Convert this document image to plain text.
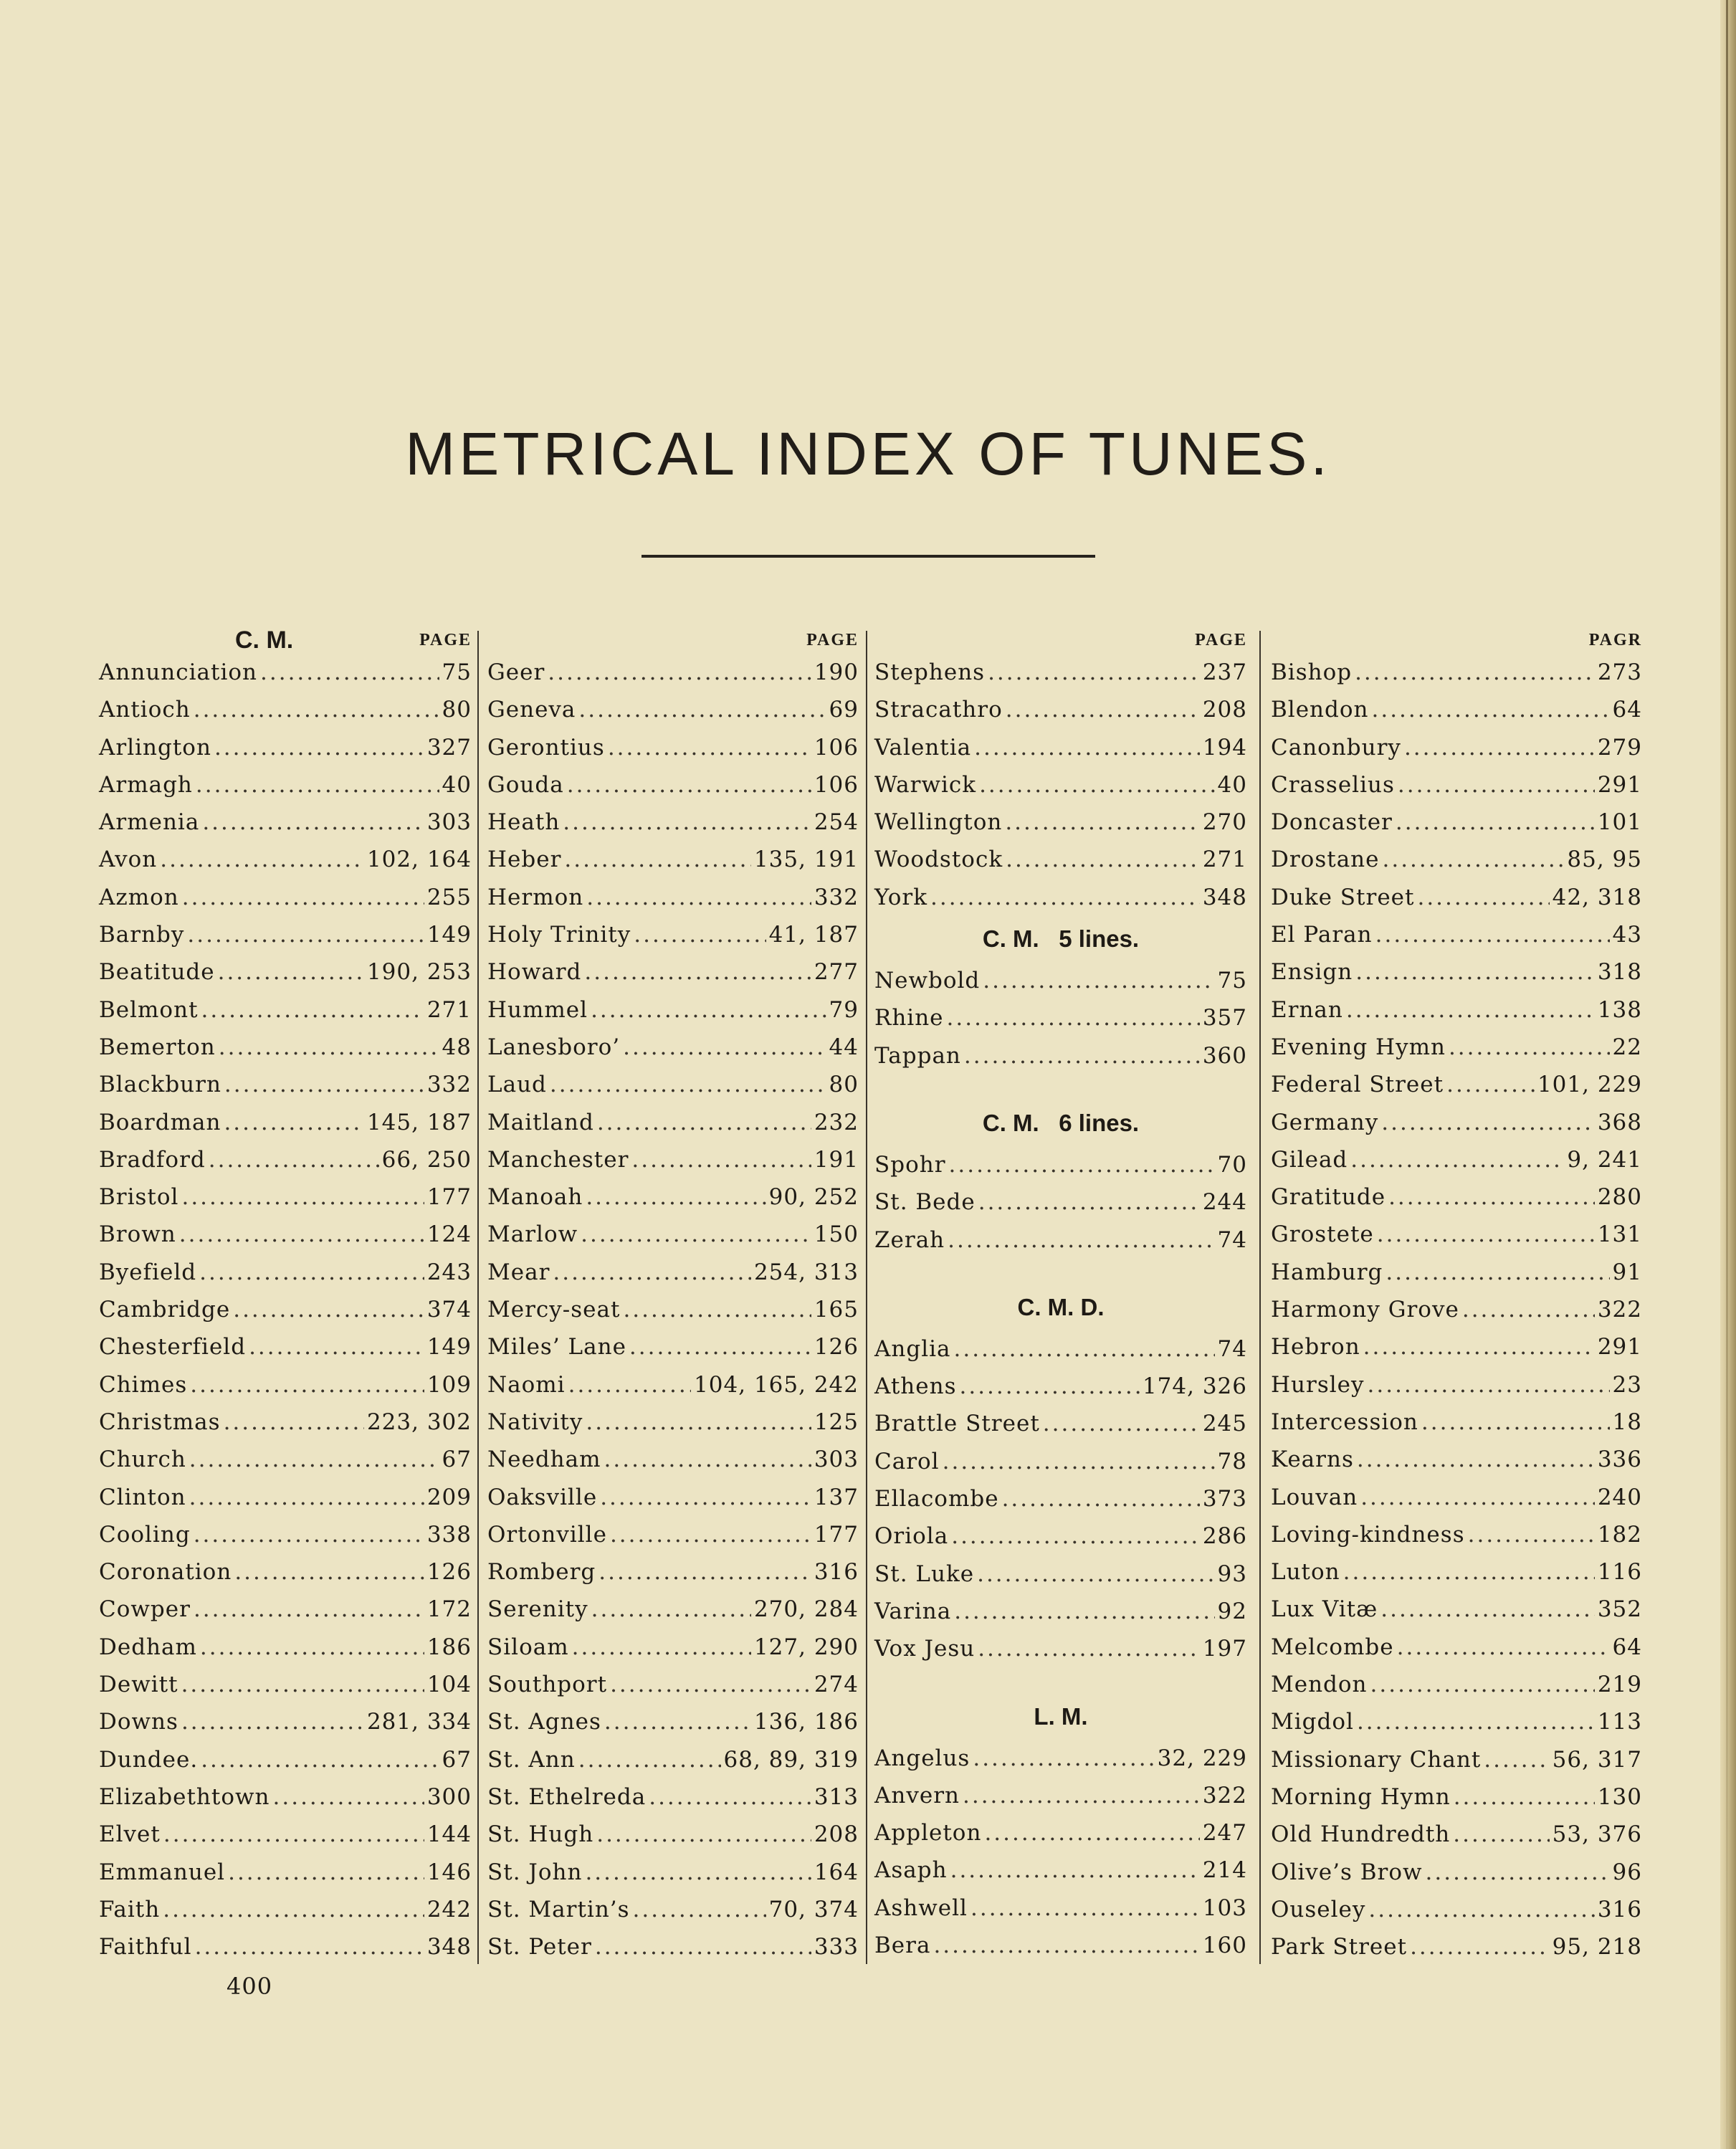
METRICAL INDEX OF TUNES.
C. M.	PAGE
Annunciation .....	75
Antioch .....	80
Arlington .....	327
Armagh .....	40
Armenia .....	303
Avon .....	102, 164
Azmon .....	255
Barnby .....	149
Beatitude .....	190, 253
Belmont .....	271
Bemerton .....	48
Blackburn .....	332
Boardman .....	145, 187
Bradford .....	66, 250
Bristol .....	177
Brown .....	124
Byefield .....	243
Cambridge .....	374
Chesterfield .....	149
Chimes .....	109
Christmas .....	223, 302
Church .....	67
Clinton .....	209
Cooling .....	338
Coronation .....	126
Cowper .....	172
Dedham .....	186
Dewitt .....	104
Downs .....	281, 334
Dundee. .....	67
Elizabethtown .....	300
Elvet .....	144
Emmanuel .....	146
Faith .....	242
Faithful .....	348
PAGE
Geer .....	190
Geneva .....	69
Gerontius .....	106
Gouda .....	106
Heath .....	254
Heber .....	135, 191
Hermon .....	332
Holy Trinity .....	41, 187
Howard .....	277
Hummel .....	79
Lanesboro’ .....	44
Laud .....	80
Maitland .....	232
Manchester .....	191
Manoah .....	90, 252
Marlow .....	150
Mear .....	254, 313
Mercy-seat .....	165
Miles’ Lane .....	126
Naomi .....	104, 165, 242
Nativity .....	125
Needham .....	303
Oaksville .....	137
Ortonville .....	177
Romberg .....	316
Serenity .....	270, 284
Siloam .....	127, 290
Southport .....	274
St. Agnes .....	136, 186
St. Ann .....	68, 89, 319
St. Ethelreda .....	313
St. Hugh .....	208
St. John .....	164
St. Martin’s .....	70, 374
St. Peter .....	333
PAGE
Stephens .....	237
Stracathro .....	208
Valentia .....	194
Warwick .....	40
Wellington .....	270
Woodstock .....	271
York .....	348
C. M.   5 lines.
Newbold .....	75
Rhine .....	357
Tappan .....	360
C. M.   6 lines.
Spohr .....	70
St. Bede .....	244
Zerah .....	74
C. M. D.
Anglia .....	74
Athens .....	174, 326
Brattle Street .....	245
Carol .....	78
Ellacombe .....	373
Oriola .....	286
St. Luke .....	93
Varina .....	92
Vox Jesu .....	197
L. M.
Angelus .....	32, 229
Anvern .....	322
Appleton .....	247
Asaph .....	214
Ashwell .....	103
Bera .....	160
PAGR
Bishop .....	273
Blendon .....	64
Canonbury .....	279
Crasselius .....	291
Doncaster .....	101
Drostane .....	85, 95
Duke Street .....	42, 318
El Paran .....	43
Ensign .....	318
Ernan .....	138
Evening Hymn .....	22
Federal Street .....	101, 229
Germany .....	368
Gilead .....	9, 241
Gratitude .....	280
Grostete .....	131
Hamburg .....	91
Harmony Grove .....	322
Hebron .....	291
Hursley .....	23
Intercession .....	18
Kearns .....	336
Louvan .....	240
Loving-kindness .....	182
Luton .....	116
Lux Vitæ .....	352
Melcombe .....	64
Mendon .....	219
Migdol .....	113
Missionary Chant .....	56, 317
Morning Hymn .....	130
Old Hundredth .....	53, 376
Olive’s Brow .....	96
Ouseley .....	316
Park Street .....	95, 218
400
